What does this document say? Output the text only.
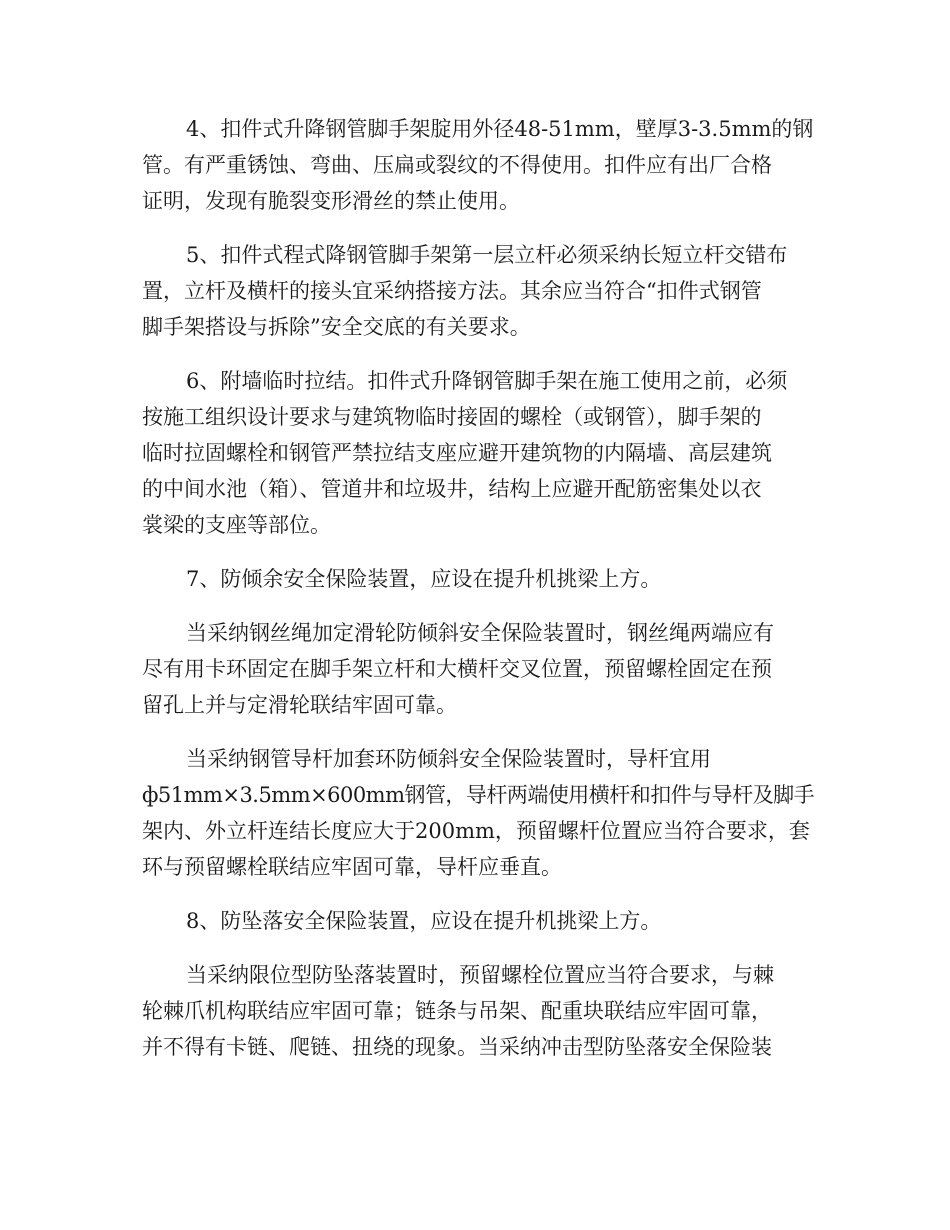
4、扣件式升降钢管脚手架腚用外径48-51mm，壁厚3-3.5mm的钢
管。有严重锈蚀、弯曲、压扁或裂纹的不得使用。扣件应有出厂合格
证明，发现有脆裂变形滑丝的禁止使用。

5、扣件式程式降钢管脚手架第一层立杆必须采纳长短立杆交错布
置，立杆及横杆的接头宜采纳搭接方法。其余应当符合“扣件式钢管
脚手架搭设与拆除”安全交底的有关要求。

6、附墙临时拉结。扣件式升降钢管脚手架在施工使用之前，必须
按施工组织设计要求与建筑物临时接固的螺栓（或钢管），脚手架的
临时拉固螺栓和钢管严禁拉结支座应避开建筑物的内隔墙、高层建筑
的中间水池（箱）、管道井和垃圾井，结构上应避开配筋密集处以衣
裳梁的支座等部位。

7、防倾余安全保险装置，应设在提升机挑梁上方。

当采纳钢丝绳加定滑轮防倾斜安全保险装置时，钢丝绳两端应有
尽有用卡环固定在脚手架立杆和大横杆交叉位置，预留螺栓固定在预
留孔上并与定滑轮联结牢固可靠。

当采纳钢管导杆加套环防倾斜安全保险装置时，导杆宜用
ф51mm×3.5mm×600mm钢管，导杆两端使用横杆和扣件与导杆及脚手
架内、外立杆连结长度应大于200mm，预留螺杆位置应当符合要求，套
环与预留螺栓联结应牢固可靠，导杆应垂直。

8、防坠落安全保险装置，应设在提升机挑梁上方。

当采纳限位型防坠落装置时，预留螺栓位置应当符合要求，与棘
轮棘爪机构联结应牢固可靠；链条与吊架、配重块联结应牢固可靠，
并不得有卡链、爬链、扭绕的现象。当采纳冲击型防坠落安全保险装
